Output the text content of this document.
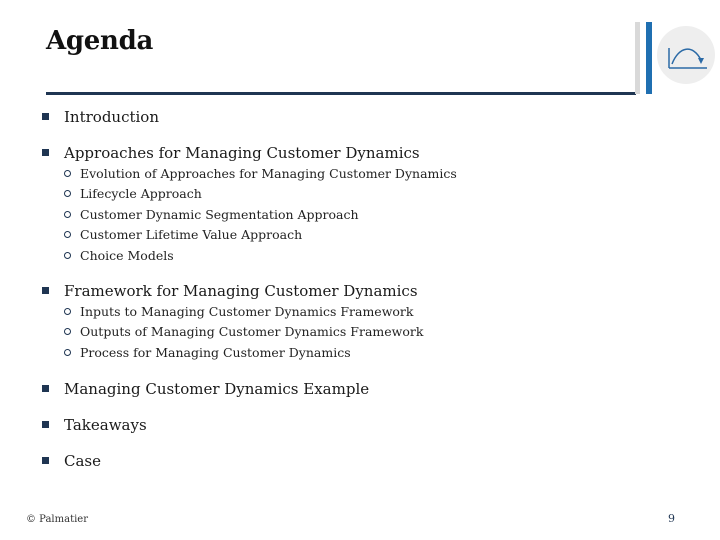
Agenda
Introduction
Approaches for Managing Customer Dynamics
Evolution of Approaches for Managing Customer Dynamics
Lifecycle Approach
Customer Dynamic Segmentation Approach
Customer Lifetime Value Approach
Choice Models
Framework for Managing Customer Dynamics
Inputs to Managing Customer Dynamics Framework
Outputs of Managing Customer Dynamics Framework
Process for Managing Customer Dynamics
Managing Customer Dynamics Example
Takeaways
Case
© Palmatier	9
